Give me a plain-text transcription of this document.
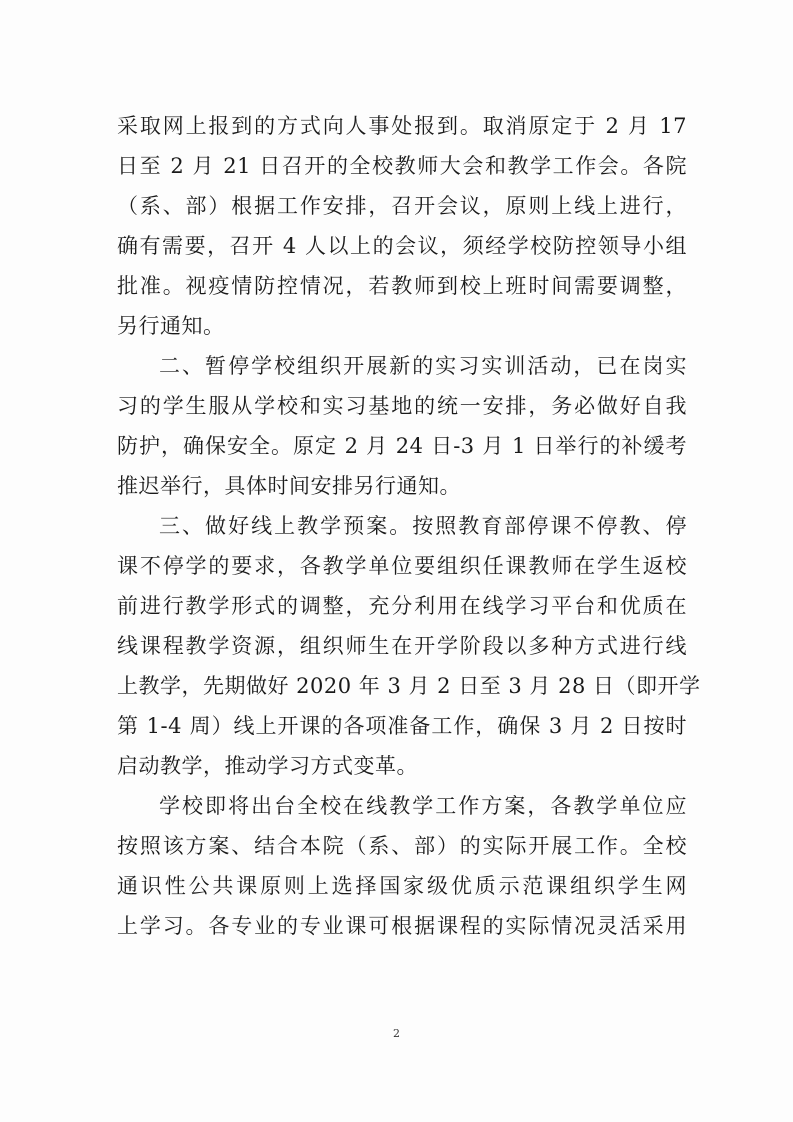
采取网上报到的方式向人事处报到。取消原定于 2 月 17
日至 2 月 21 日召开的全校教师大会和教学工作会。各院
（系、部）根据工作安排，召开会议，原则上线上进行，
确有需要，召开 4 人以上的会议，须经学校防控领导小组
批准。视疫情防控情况，若教师到校上班时间需要调整，
另行通知。
二、暂停学校组织开展新的实习实训活动，已在岗实
习的学生服从学校和实习基地的统一安排，务必做好自我
防护，确保安全。原定 2 月 24 日-3 月 1 日举行的补缓考
推迟举行，具体时间安排另行通知。
三、做好线上教学预案。按照教育部停课不停教、停
课不停学的要求，各教学单位要组织任课教师在学生返校
前进行教学形式的调整，充分利用在线学习平台和优质在
线课程教学资源，组织师生在开学阶段以多种方式进行线
上教学，先期做好 2020 年 3 月 2 日至 3 月 28 日（即开学
第 1-4 周）线上开课的各项准备工作，确保 3 月 2 日按时
启动教学，推动学习方式变革。
学校即将出台全校在线教学工作方案，各教学单位应
按照该方案、结合本院（系、部）的实际开展工作。全校
通识性公共课原则上选择国家级优质示范课组织学生网
上学习。各专业的专业课可根据课程的实际情况灵活采用
2
